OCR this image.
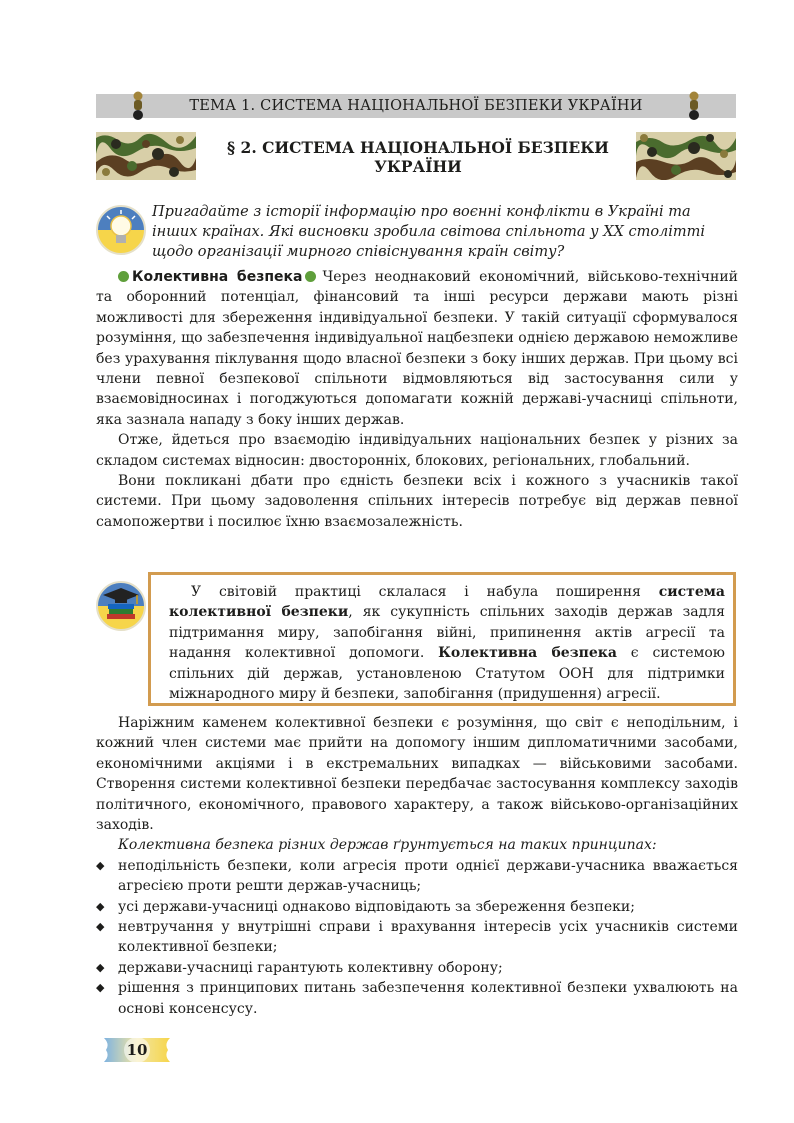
ТЕМА 1. СИСТЕМА НАЦІОНАЛЬНОЇ БЕЗПЕКИ УКРАЇНИ
§ 2. СИСТЕМА НАЦІОНАЛЬНОЇ БЕЗПЕКИ
УКРАЇНИ
Пригадайте з історії інформацію про воєнні конфлікти в Україні та інших країнах. Які висновки зробила світова спільнота у XX столітті щодо організації мирного співіснування країн світу?

Колективна безпека Через неоднаковий економічний, військово-технічний та оборонний потенціал, фінансовий та інші ресурси держави мають різні можливості для збереження індивідуальної безпеки. У такій ситуації сформувалося розуміння, що забезпечення індивідуальної нацбезпеки однією державою неможливе без урахування піклування щодо власної безпеки з боку інших держав. При цьому всі члени певної безпекової спільноти відмовляються від застосування сили у взаємовідносинах і погоджуються допомагати кожній державі-учасниці спільноти, яка зазнала нападу з боку інших держав.

Отже, йдеться про взаємодію індивідуальних національних безпек у різних за складом системах відносин: двосторонніх, блокових, регіональних, глобальний.

Вони покликані дбати про єдність безпеки всіх і кожного з учасників такої системи. При цьому задоволення спільних інтересів потребує від держав певної самопожертви і посилює їхню взаємозалежність.

У світовій практиці склалася і набула поширення система колективної безпеки, як сукупність спільних заходів держав задля підтримання миру, запобігання війні, припинення актів агресії та надання колективної допомоги. Колективна безпека є системою спільних дій держав, установленою Статутом ООН для підтримки міжнародного миру й безпеки, запобігання (придушення) агресії.

Наріжним каменем колективної безпеки є розуміння, що світ є неподільним, і кожний член системи має прийти на допомогу іншим дипломатичними засобами, економічними акціями і в екстремальних випадках — військовими засобами. Створення системи колективної безпеки передбачає застосування комплексу заходів політичного, економічного, правового характеру, а також військово-організаційних заходів.

Колективна безпека різних держав ґрунтується на таких принципах:

◆ неподільність безпеки, коли агресія проти однієї держави-учасника вважається агресією проти решти держав-учасниць;
◆ усі держави-учасниці однаково відповідають за збереження безпеки;
◆ невтручання у внутрішні справи і врахування інтересів усіх учасників системи колективної безпеки;
◆ держави-учасниці гарантують колективну оборону;
◆ рішення з принципових питань забезпечення колективної безпеки ухвалюють на основі консенсусу.
10
